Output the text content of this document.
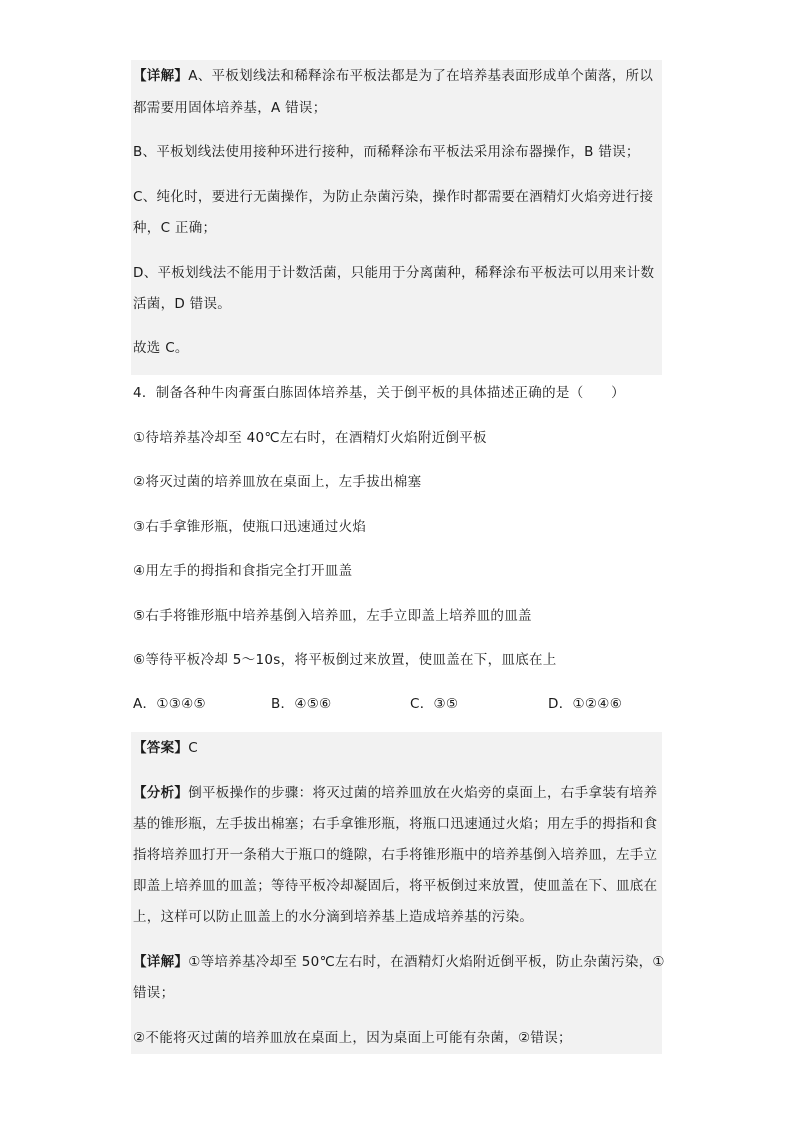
【详解】A、平板划线法和稀释涂布平板法都是为了在培养基表面形成单个菌落，所以
都需要用固体培养基，A 错误；
B、平板划线法使用接种环进行接种，而稀释涂布平板法采用涂布器操作，B 错误；
C、纯化时，要进行无菌操作，为防止杂菌污染，操作时都需要在酒精灯火焰旁进行接
种，C 正确；
D、平板划线法不能用于计数活菌，只能用于分离菌种，稀释涂布平板法可以用来计数
活菌，D 错误。
故选 C。
4．制备各种牛肉膏蛋白胨固体培养基，关于倒平板的具体描述正确的是（　　）
①待培养基冷却至 40℃左右时，在酒精灯火焰附近倒平板
②将灭过菌的培养皿放在桌面上，左手拔出棉塞
③右手拿锥形瓶，使瓶口迅速通过火焰
④用左手的拇指和食指完全打开皿盖
⑤右手将锥形瓶中培养基倒入培养皿，左手立即盖上培养皿的皿盖
⑥等待平板冷却 5～10s，将平板倒过来放置，使皿盖在下，皿底在上
A．①③④⑤	B．④⑤⑥	C．③⑤	D．①②④⑥
【答案】C
【分析】倒平板操作的步骤：将灭过菌的培养皿放在火焰旁的桌面上，右手拿装有培养
基的锥形瓶，左手拔出棉塞；右手拿锥形瓶，将瓶口迅速通过火焰；用左手的拇指和食
指将培养皿打开一条稍大于瓶口的缝隙，右手将锥形瓶中的培养基倒入培养皿，左手立
即盖上培养皿的皿盖；等待平板冷却凝固后，将平板倒过来放置，使皿盖在下、皿底在
上，这样可以防止皿盖上的水分滴到培养基上造成培养基的污染。
【详解】①等培养基冷却至 50℃左右时，在酒精灯火焰附近倒平板，防止杂菌污染，①
错误；
②不能将灭过菌的培养皿放在桌面上，因为桌面上可能有杂菌，②错误；
